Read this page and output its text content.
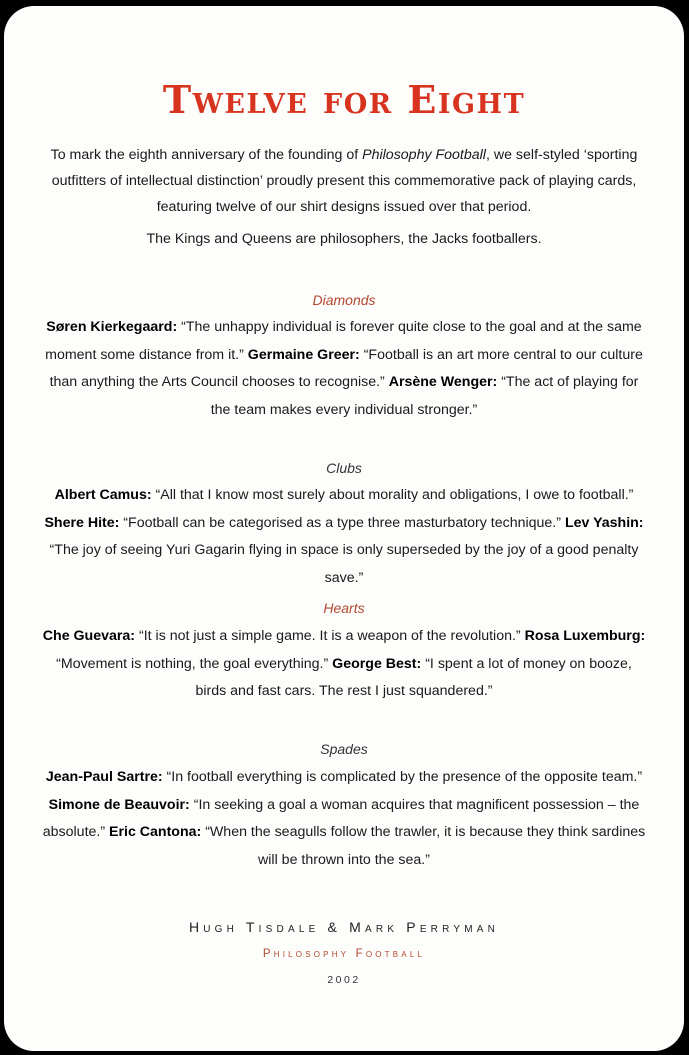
Twelve for Eight

To mark the eighth anniversary of the founding of Philosophy Football, we self-styled ‘sporting outfitters of intellectual distinction’ proudly present this commemorative pack of playing cards, featuring twelve of our shirt designs issued over that period.

The Kings and Queens are philosophers, the Jacks footballers.

Diamonds
Søren Kierkegaard: “The unhappy individual is forever quite close to the goal and at the same moment some distance from it.” Germaine Greer: “Football is an art more central to our culture than anything the Arts Council chooses to recognise.” Arsène Wenger: “The act of playing for the team makes every individual stronger.”
Clubs
Albert Camus: “All that I know most surely about morality and obligations, I owe to football.” Shere Hite: “Football can be categorised as a type three masturbatory technique.” Lev Yashin: “The joy of seeing Yuri Gagarin flying in space is only superseded by the joy of a good penalty save.”
Hearts
Che Guevara: “It is not just a simple game. It is a weapon of the revolution.” Rosa Luxemburg: “Movement is nothing, the goal everything.” George Best: “I spent a lot of money on booze, birds and fast cars. The rest I just squandered.”
Spades
Jean-Paul Sartre: “In football everything is complicated by the presence of the opposite team.” Simone de Beauvoir: “In seeking a goal a woman acquires that magnificent possession – the absolute.” Eric Cantona: “When the seagulls follow the trawler, it is because they think sardines will be thrown into the sea.”
Hugh Tisdale & Mark Perryman
Philosophy Football
2002
